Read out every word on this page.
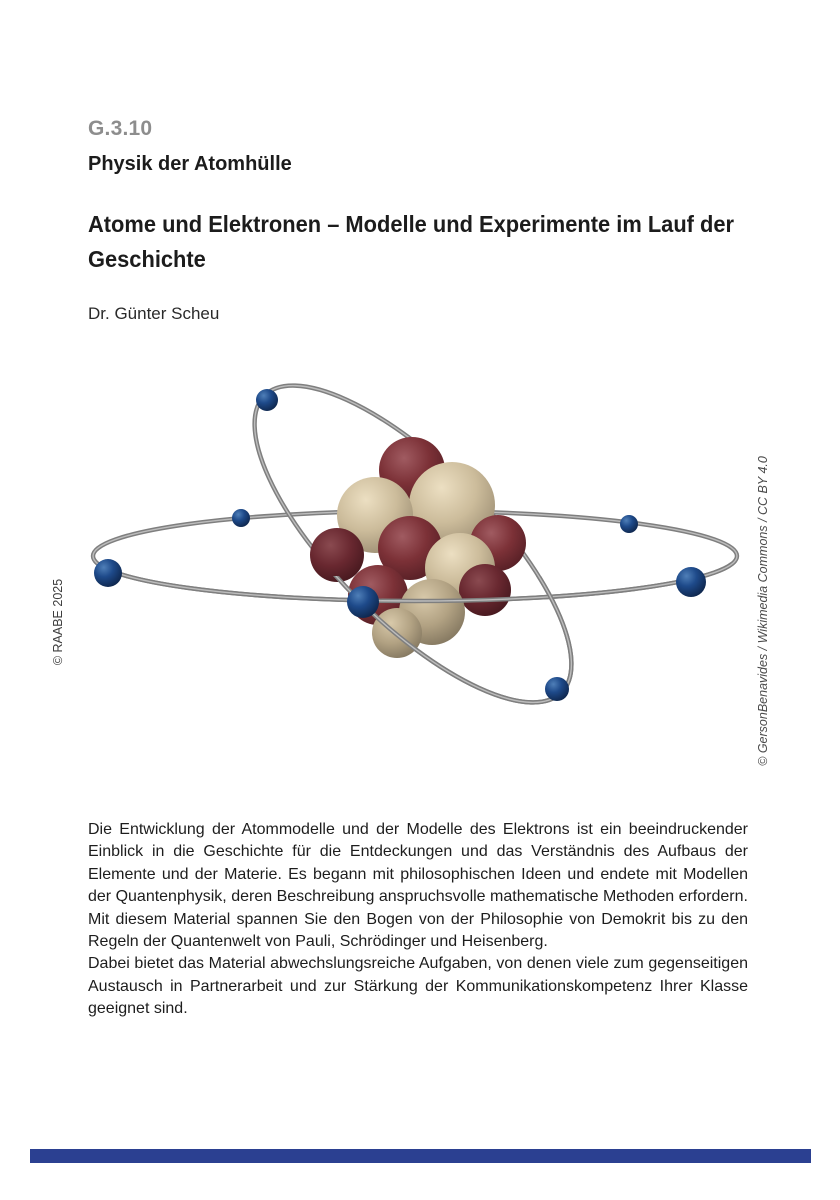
G.3.10
Physik der Atomhülle
Atome und Elektronen – Modelle und Experimente im Lauf der
Geschichte
Dr. Günter Scheu
© RAABE 2025	© GersonBenavides / Wikimedia Commons / CC BY 4.0

Die Entwicklung der Atommodelle und der Modelle des Elektrons ist ein beeindruckender Einblick in die Geschichte für die Entdeckungen und das Verständnis des Aufbaus der Elemente und der Materie. Es begann mit philosophischen Ideen und endete mit Modellen der Quantenphysik, deren Beschreibung anspruchsvolle mathematische Methoden erfordern.

Mit diesem Material spannen Sie den Bogen von der Philosophie von Demokrit bis zu den Regeln der Quantenwelt von Pauli, Schrödinger und Heisenberg.

Dabei bietet das Material abwechslungsreiche Aufgaben, von denen viele zum gegenseitigen Austausch in Partnerarbeit und zur Stärkung der Kommunikationskompetenz Ihrer Klasse geeignet sind.
